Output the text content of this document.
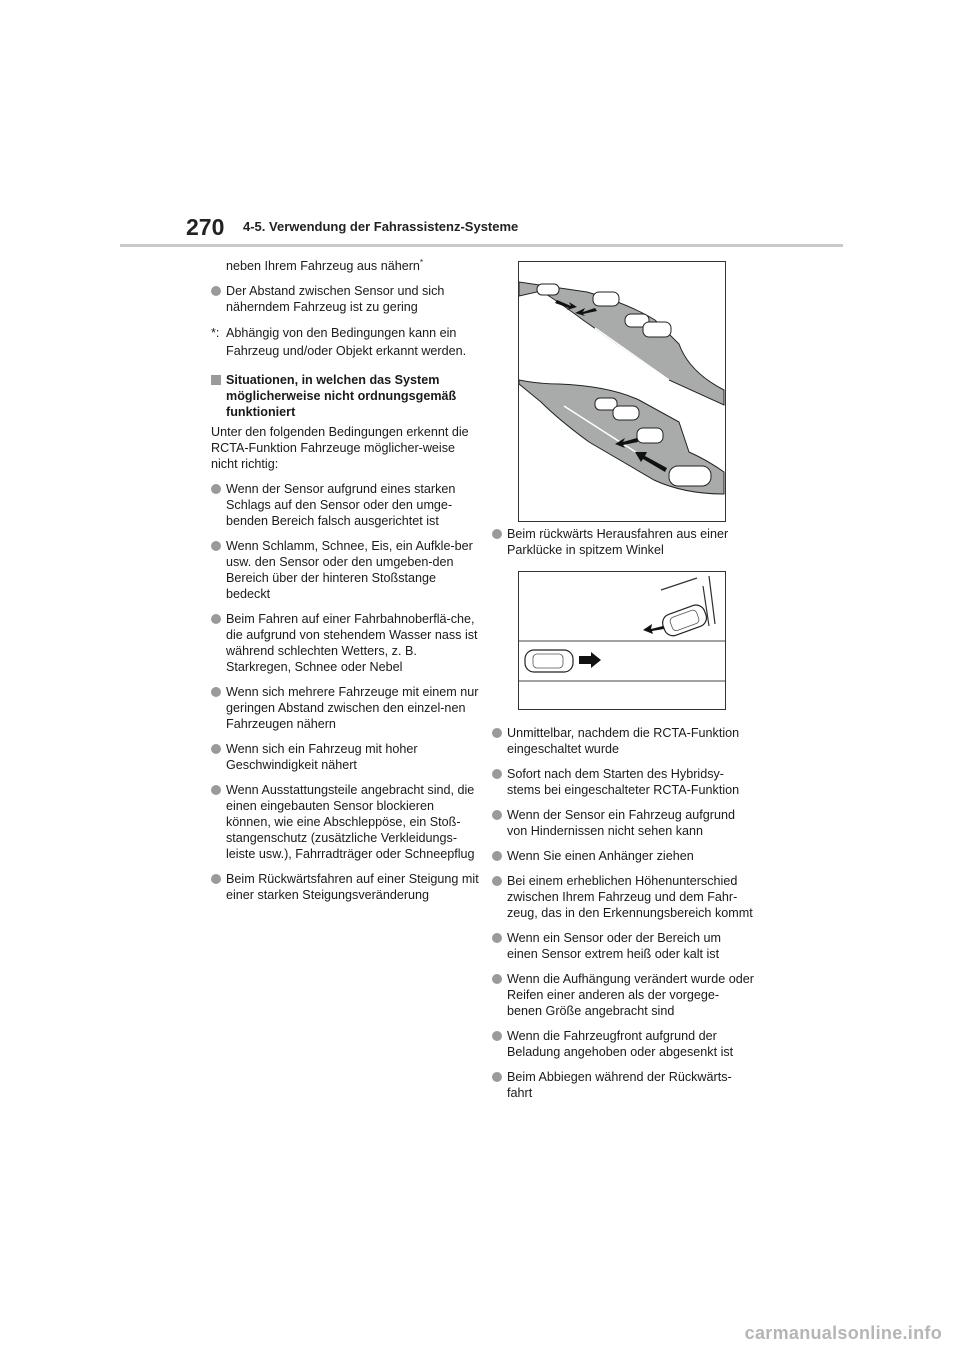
270 4-5. Verwendung der Fahrassistenz-Systeme

neben Ihrem Fahrzeug aus nähern*

Der Abstand zwischen Sensor und sich näherndem Fahrzeug ist zu gering
*: Abhängig von den Bedingungen kann ein Fahrzeug und/oder Objekt erkannt werden.
Situationen, in welchen das System möglicherweise nicht ordnungsgemäß funktioniert

Unter den folgenden Bedingungen erkennt die RCTA-Funktion Fahrzeuge möglicher-weise nicht richtig:

Wenn der Sensor aufgrund eines starken Schlags auf den Sensor oder den umge-benden Bereich falsch ausgerichtet ist
Wenn Schlamm, Schnee, Eis, ein Aufkle-ber usw. den Sensor oder den umgeben-den Bereich über der hinteren Stoßstange bedeckt
Beim Fahren auf einer Fahrbahnoberflä-che, die aufgrund von stehendem Wasser nass ist während schlechten Wetters, z. B. Starkregen, Schnee oder Nebel
Wenn sich mehrere Fahrzeuge mit einem nur geringen Abstand zwischen den einzel-nen Fahrzeugen nähern
Wenn sich ein Fahrzeug mit hoher Geschwindigkeit nähert
Wenn Ausstattungsteile angebracht sind, die einen eingebauten Sensor blockieren können, wie eine Abschleppöse, ein Stoß-stangenschutz (zusätzliche Verkleidungs-leiste usw.), Fahrradträger oder Schneepflug
Beim Rückwärtsfahren auf einer Steigung mit einer starken Steigungsveränderung
Beim rückwärts Herausfahren aus einer Parklücke in spitzem Winkel
Unmittelbar, nachdem die RCTA-Funktion eingeschaltet wurde
Sofort nach dem Starten des Hybridsy-stems bei eingeschalteter RCTA-Funktion
Wenn der Sensor ein Fahrzeug aufgrund von Hindernissen nicht sehen kann
Wenn Sie einen Anhänger ziehen
Bei einem erheblichen Höhenunterschied zwischen Ihrem Fahrzeug und dem Fahr-zeug, das in den Erkennungsbereich kommt
Wenn ein Sensor oder der Bereich um einen Sensor extrem heiß oder kalt ist
Wenn die Aufhängung verändert wurde oder Reifen einer anderen als der vorgege-benen Größe angebracht sind
Wenn die Fahrzeugfront aufgrund der Beladung angehoben oder abgesenkt ist
Beim Abbiegen während der Rückwärts-fahrt
carmanualsonline.info
